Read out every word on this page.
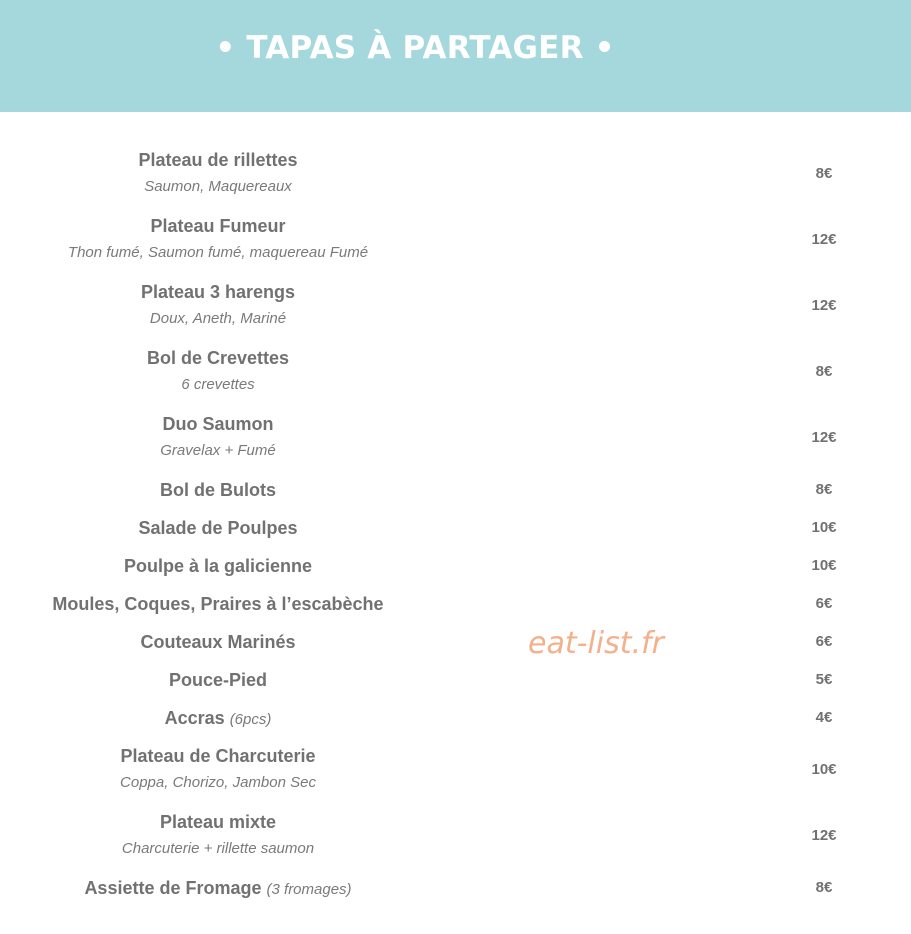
• TAPAS À PARTAGER •
Plateau de rillettes
Saumon, Maquereaux
8€
Plateau Fumeur
Thon fumé, Saumon fumé, maquereau Fumé
12€
Plateau 3 harengs
Doux, Aneth, Mariné
12€
Bol de Crevettes
6 crevettes
8€
Duo Saumon
Gravelax + Fumé
12€
Bol de Bulots	8€
Salade de Poulpes	10€
Poulpe à la galicienne	10€
Moules, Coques, Praires à l’escabèche	6€
Couteaux Marinés	6€
Pouce-Pied	5€
Accras (6pcs)	4€
Plateau de Charcuterie
Coppa, Chorizo, Jambon Sec
10€
Plateau mixte
Charcuterie + rillette saumon
12€
Assiette de Fromage (3 fromages)	8€
eat-list.fr
